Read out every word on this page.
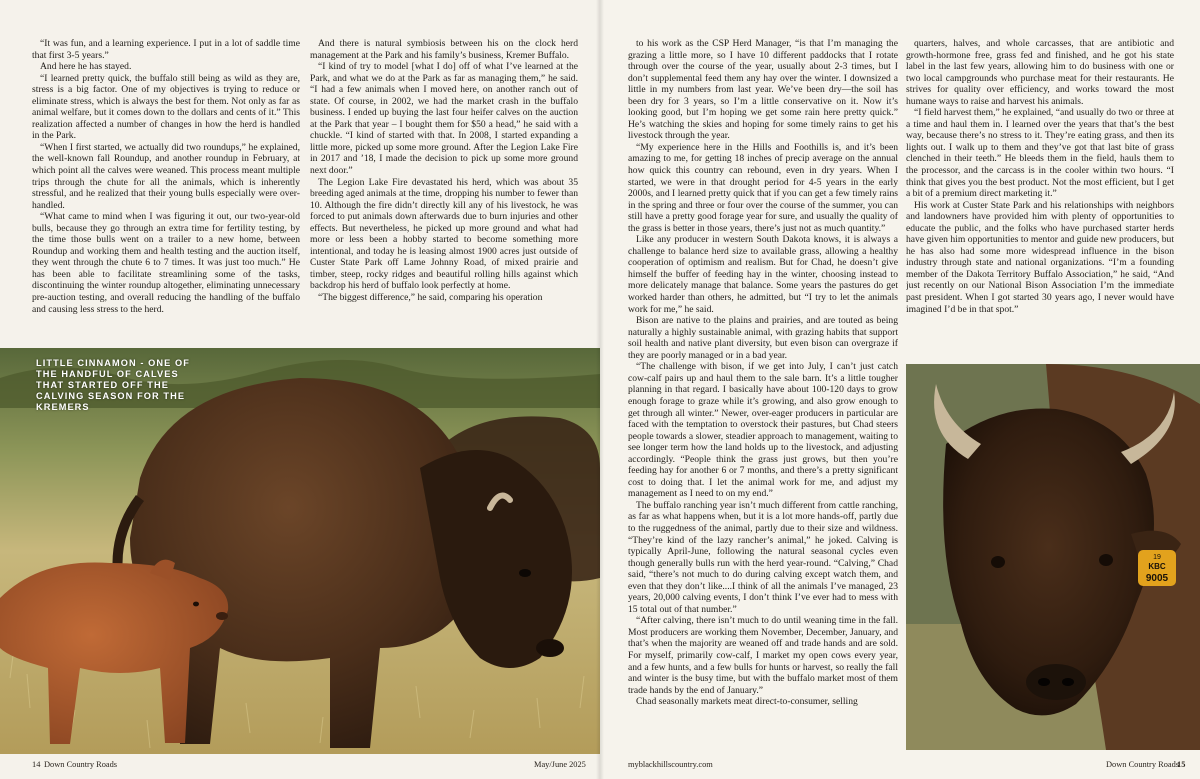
“It was fun, and a learning experience. I put in a lot of saddle time that first 3-5 years.”

And here he has stayed.

“I learned pretty quick, the buffalo still being as wild as they are, stress is a big factor. One of my objectives is trying to reduce or eliminate stress, which is always the best for them. Not only as far as animal welfare, but it comes down to the dollars and cents of it.” This realization affected a number of changes in how the herd is handled in the Park.

“When I first started, we actually did two roundups,” he explained, the well-known fall Roundup, and another roundup in February, at which point all the calves were weaned. This process meant multiple trips through the chute for all the animals, which is inherently stressful, and he realized that their young bulls especially were over-handled.

“What came to mind when I was figuring it out, our two-year-old bulls, because they go through an extra time for fertility testing, by the time those bulls went on a trailer to a new home, between Roundup and working them and health testing and the auction itself, they went through the chute 6 to 7 times. It was just too much.” He has been able to facilitate streamlining some of the tasks, discontinuing the winter roundup altogether, eliminating unnecessary pre-auction testing, and overall reducing the handling of the buffalo and causing less stress to the herd.

And there is natural symbiosis between his on the clock herd management at the Park and his family’s business, Kremer Buffalo.

“I kind of try to model [what I do] off of what I’ve learned at the Park, and what we do at the Park as far as managing them,” he said. “I had a few animals when I moved here, on another ranch out of state. Of course, in 2002, we had the market crash in the buffalo business. I ended up buying the last four heifer calves on the auction at the Park that year – I bought them for $50 a head,” he said with a chuckle. “I kind of started with that. In 2008, I started expanding a little more, picked up some more ground. After the Legion Lake Fire in 2017 and ’18, I made the decision to pick up some more ground next door.”

The Legion Lake Fire devastated his herd, which was about 35 breeding aged animals at the time, dropping his number to fewer than 10. Although the fire didn’t directly kill any of his livestock, he was forced to put animals down afterwards due to burn injuries and other effects. But nevertheless, he picked up more ground and what had more or less been a hobby started to become something more intentional, and today he is leasing almost 1900 acres just outside of Custer State Park off Lame Johnny Road, of mixed prairie and timber, steep, rocky ridges and beautiful rolling hills against which backdrop his herd of buffalo look perfectly at home.

“The biggest difference,” he said, comparing his operation

LITTLE CINNAMON - ONE OF THE HANDFUL OF CALVES THAT STARTED OFF THE CALVING SEASON FOR THE KREMERS
14 Down Country Roads	May/June 2025

to his work as the CSP Herd Manager, “is that I’m managing the grazing a little more, so I have 10 different paddocks that I rotate through over the course of the year, usually about 2-3 times, but I don’t supplemental feed them any hay over the winter. I downsized a little in my numbers from last year. We’ve been dry—the soil has been dry for 3 years, so I’m a little conservative on it. Now it’s looking good, but I’m hoping we get some rain here pretty quick.” He’s watching the skies and hoping for some timely rains to get his livestock through the year.

“My experience here in the Hills and Foothills is, and it’s been amazing to me, for getting 18 inches of precip average on the annual how quick this country can rebound, even in dry years. When I started, we were in that drought period for 4-5 years in the early 2000s, and I learned pretty quick that if you can get a few timely rains in the spring and three or four over the course of the summer, you can still have a pretty good forage year for sure, and usually the quality of the grass is better in those years, there’s just not as much quantity.”

Like any producer in western South Dakota knows, it is always a challenge to balance herd size to available grass, allowing a healthy cooperation of optimism and realism. But for Chad, he doesn’t give himself the buffer of feeding hay in the winter, choosing instead to more delicately manage that balance. Some years the pastures do get worked harder than others, he admitted, but “I try to let the animals work for me,” he said.

Bison are native to the plains and prairies, and are touted as being naturally a highly sustainable animal, with grazing habits that support soil health and native plant diversity, but even bison can overgraze if they are poorly managed or in a bad year.

“The challenge with bison, if we get into July, I can’t just catch cow-calf pairs up and haul them to the sale barn. It’s a little tougher planning in that regard. I basically have about 100-120 days to grow enough forage to graze while it’s growing, and also grow enough to get through all winter.” Newer, over-eager producers in particular are faced with the temptation to overstock their pastures, but Chad steers people towards a slower, steadier approach to management, waiting to see longer term how the land holds up to the livestock, and adjusting accordingly. “People think the grass just grows, but then you’re feeding hay for another 6 or 7 months, and there’s a pretty significant cost to doing that. I let the animal work for me, and adjust my management as I need to on my end.”

The buffalo ranching year isn’t much different from cattle ranching, as far as what happens when, but it is a lot more hands-off, partly due to the ruggedness of the animal, partly due to their size and wildness. “They’re kind of the lazy rancher’s animal,” he joked. Calving is typically April-June, following the natural seasonal cycles even though generally bulls run with the herd year-round. “Calving,” Chad said, “there’s not much to do during calving except watch them, and even that they don’t like....I think of all the animals I’ve managed, 23 years, 20,000 calving events, I don’t think I’ve ever had to mess with 15 total out of that number.”

“After calving, there isn’t much to do until weaning time in the fall. Most producers are working them November, December, January, and that’s when the majority are weaned off and trade hands and are sold. For myself, primarily cow-calf, I market my open cows every year, and a few hunts, and a few bulls for hunts or harvest, so really the fall and winter is the busy time, but with the buffalo market most of them trade hands by the end of January.”

Chad seasonally markets meat direct-to-consumer, selling

quarters, halves, and whole carcasses, that are antibiotic and growth-hormone free, grass fed and finished, and he got his state label in the last few years, allowing him to do business with one or two local campgrounds who purchase meat for their restaurants. He strives for quality over efficiency, and works toward the most humane ways to raise and harvest his animals.

“I field harvest them,” he explained, “and usually do two or three at a time and haul them in. I learned over the years that that’s the best way, because there’s no stress to it. They’re eating grass, and then its lights out. I walk up to them and they’ve got that last bite of grass clenched in their teeth.” He bleeds them in the field, hauls them to the processor, and the carcass is in the cooler within two hours. “I think that gives you the best product. Not the most efficient, but I get a bit of a premium direct marketing it.”

His work at Custer State Park and his relationships with neighbors and landowners have provided him with plenty of opportunities to educate the public, and the folks who have purchased starter herds have given him opportunities to mentor and guide new producers, but he has also had some more widespread influence in the bison industry through state and national organizations. “I’m a founding member of the Dakota Territory Buffalo Association,” he said, “And just recently on our National Bison Association I’m the immediate past president. When I got started 30 years ago, I never would have imagined I’d be in that spot.”

19
KBC
9005
myblackhillscountry.com	Down Country Roads
15
